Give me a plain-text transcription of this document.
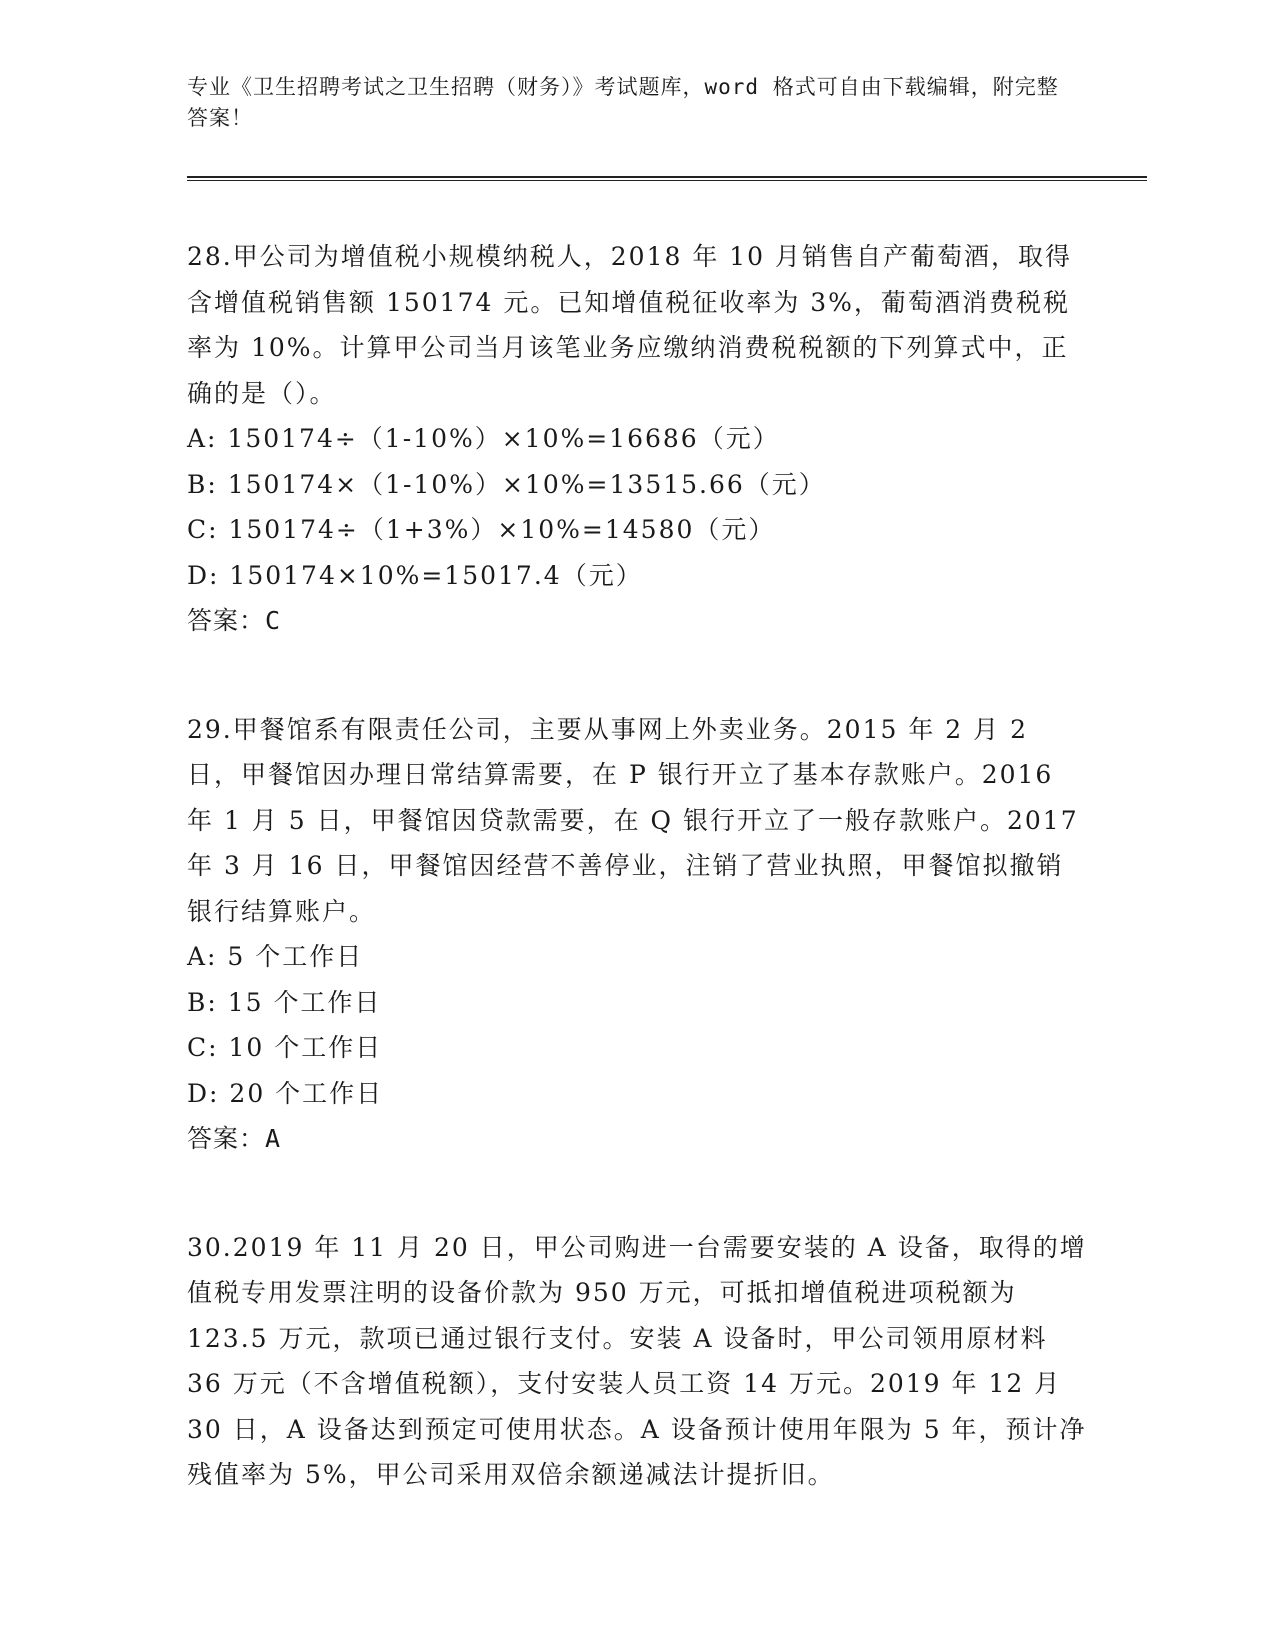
专业《卫生招聘考试之卫生招聘（财务）》考试题库，word 格式可自由下载编辑，附完整答案！
28.甲公司为增值税小规模纳税人，2018 年 10 月销售自产葡萄酒，取得含增值税销售额 150174 元。已知增值税征收率为 3%，葡萄酒消费税税率为 10%。计算甲公司当月该笔业务应缴纳消费税税额的下列算式中，正确的是（）。
A: 150174÷（1-10%）×10%=16686（元）
B: 150174×（1-10%）×10%=13515.66（元）
C: 150174÷（1+3%）×10%=14580（元）
D: 150174×10%=15017.4（元）
答案：C
29.甲餐馆系有限责任公司，主要从事网上外卖业务。2015 年 2 月 2 日，甲餐馆因办理日常结算需要，在 P 银行开立了基本存款账户。2016 年 1 月 5 日，甲餐馆因贷款需要，在 Q 银行开立了一般存款账户。2017 年 3 月 16 日，甲餐馆因经营不善停业，注销了营业执照，甲餐馆拟撤销银行结算账户。
A: 5 个工作日
B: 15 个工作日
C: 10 个工作日
D: 20 个工作日
答案：A
30.2019 年 11 月 20 日，甲公司购进一台需要安装的 A 设备，取得的增值税专用发票注明的设备价款为 950 万元，可抵扣增值税进项税额为 123.5 万元，款项已通过银行支付。安装 A 设备时，甲公司领用原材料 36 万元（不含增值税额），支付安装人员工资 14 万元。2019 年 12 月 30 日，A 设备达到预定可使用状态。A 设备预计使用年限为 5 年，预计净残值率为 5%，甲公司采用双倍余额递减法计提折旧。
